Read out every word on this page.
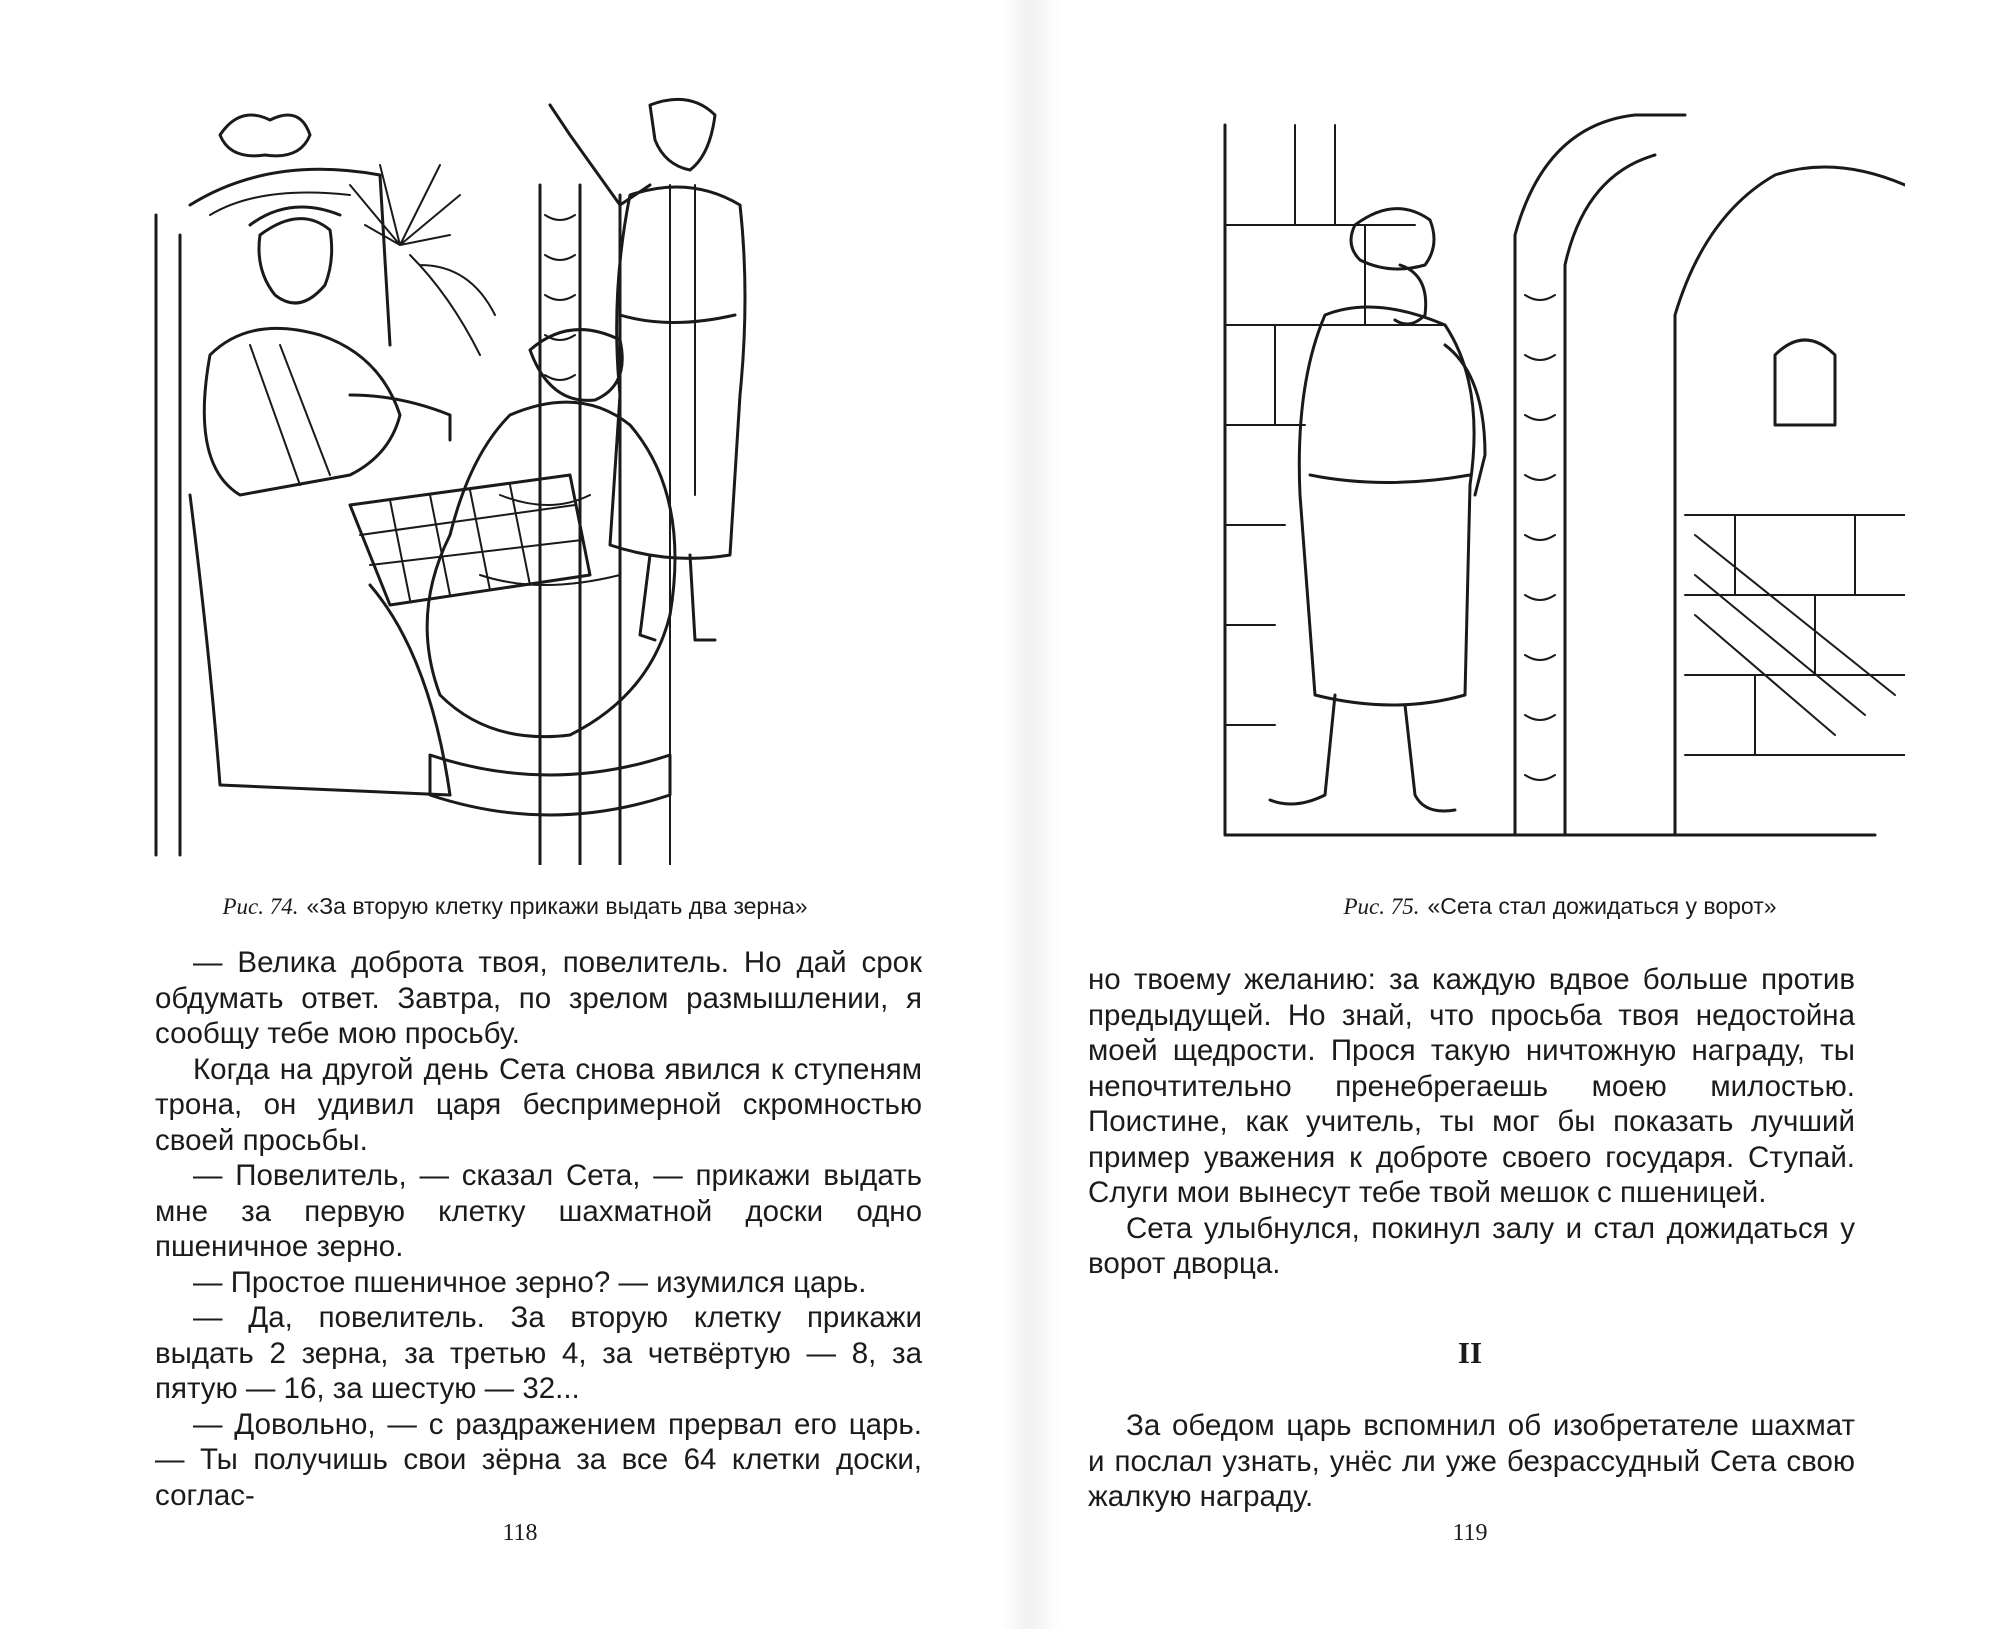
Рис. 74. «За вторую клетку прикажи выдать два зерна»

— Велика доброта твоя, повелитель. Но дай срок обдумать ответ. Завтра, по зрелом размышлении, я сообщу тебе мою просьбу.

Когда на другой день Сета снова явился к ступеням трона, он удивил царя беспримерной скромностью своей просьбы.

— Повелитель, — сказал Сета, — прикажи выдать мне за первую клетку шахматной доски одно пшеничное зерно.

— Простое пшеничное зерно? — изумился царь.

— Да, повелитель. За вторую клетку прикажи выдать 2 зерна, за третью 4, за четвёртую — 8, за пятую — 16, за шестую — 32...

— Довольно, — с раздражением прервал его царь. — Ты получишь свои зёрна за все 64 клетки доски, соглас-

118
Рис. 75. «Сета стал дожидаться у ворот»

но твоему желанию: за каждую вдвое больше против предыдущей. Но знай, что просьба твоя недостойна моей щедрости. Прося такую ничтожную награду, ты непочтительно пренебрегаешь моею милостью. Поистине, как учитель, ты мог бы показать лучший пример уважения к доброте своего государя. Ступай. Слуги мои вынесут тебе твой мешок с пшеницей.

Сета улыбнулся, покинул залу и стал дожидаться у ворот дворца.

II

За обедом царь вспомнил об изобретателе шахмат и послал узнать, унёс ли уже безрассудный Сета свою жалкую награду.

119
